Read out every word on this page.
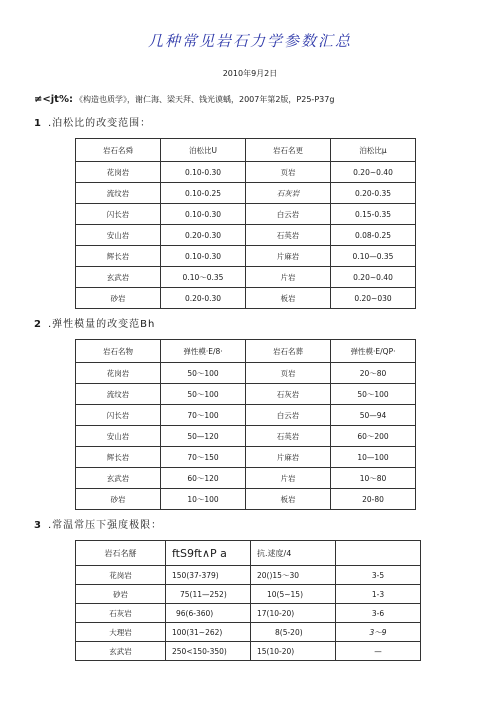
几种常见岩石力学参数汇总
2010年9月2日
≠<jt%: 《构造也质学》，谢仁海、梁天拜、钱光谟蝺，2007年第2版，P25-P37g
1 .泊松比的改变范围：
岩石名舜	泊松比U	岩石名更	泊松比μ
花岗岩	0.10-0.30	页岩	0.20~0.40
流纹岩	0.10-0.25	石灰岩	0.20-0.35
闪长岩	0.10-0.30	白云岩	0.15-0.35
安山岩	0.20-0.30	石英岩	0.08-0.25
辉长岩	0.10-0.30	片麻岩	0.10—0.35
玄武岩	0.10～0.35	片岩	0.20~0.40
砂岩	0.20-0.30	板岩	0.20~030
2 .弹性模量的改变范Bh
岩石名物	弹性模·E/8·	岩石名葬	弹性模·E/QP·
花岗岩	50～100	页岩	20～80
流纹岩	50～100	石灰岩	50～100
闪长岩	70～100	白云岩	50—94
安山岩	50—120	石英岩	60～200
辉长岩	70～150	片麻岩	10—100
玄武岩	60～120	片岩	10～80
砂岩	10～100	板岩	20-80
3 .常温常压下强度极限：
岩石名掰	ftS9ft∧P a	抗.逑度/4	
花岗岩	150(37-379)	20()15～30	3-5
砂岩	75(11—252)	10(5~15)	1-3
石灰岩	96(6-360)	17(10-20)	3-6
大理岩	100(31~262)	8(5-20)	3～9
玄武岩	250<150-350)	15(10-20)	—
